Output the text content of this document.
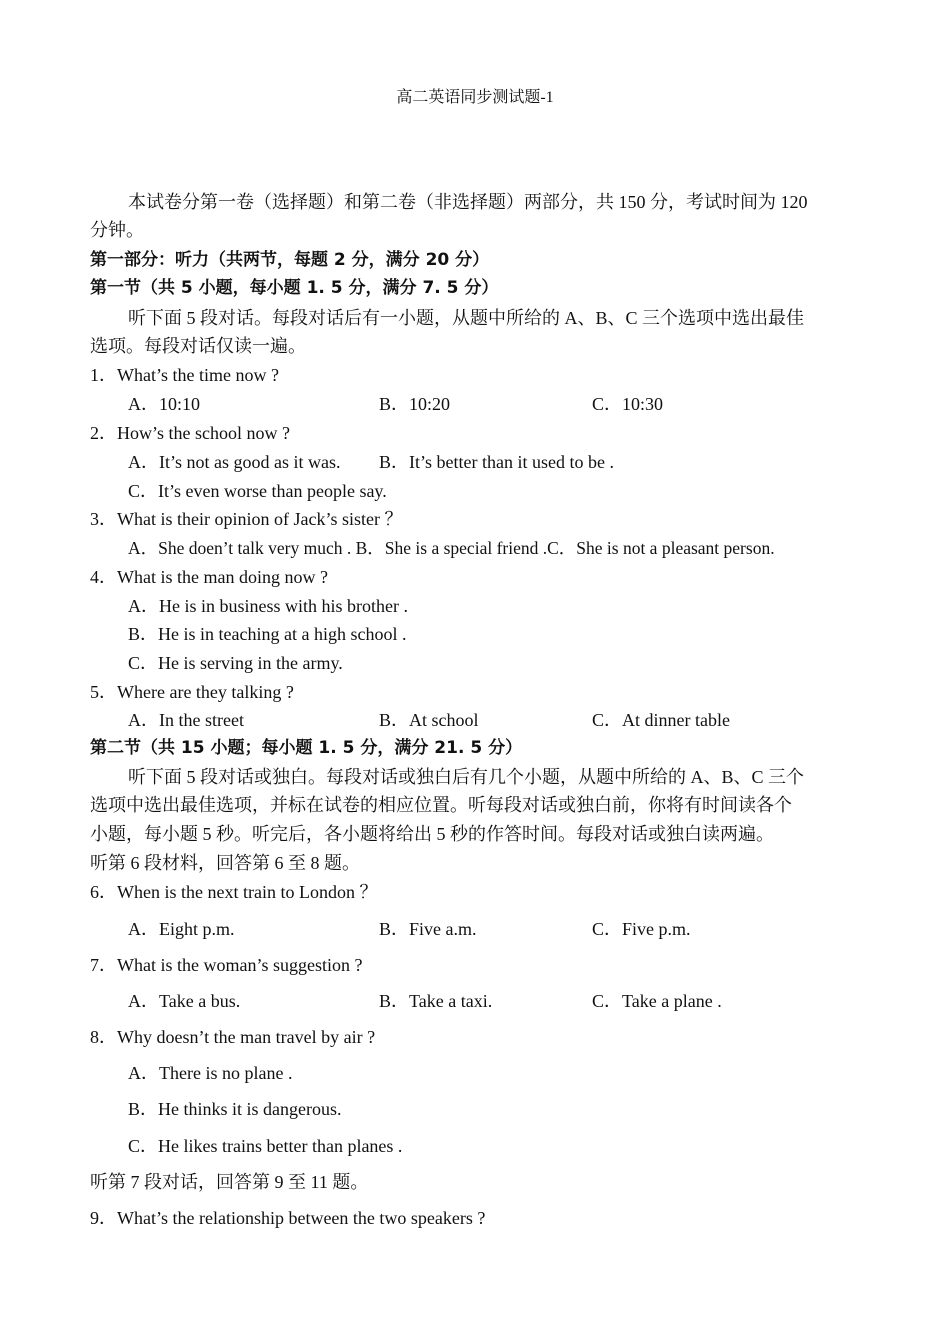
高二英语同步测试题-1
本试卷分第一卷（选择题）和第二卷（非选择题）两部分，共 150 分，考试时间为 120
分钟。
第一部分：听力（共两节，每题 2 分，满分 20 分）
第一节（共 5 小题，每小题 1. 5 分，满分 7. 5 分）
听下面 5 段对话。每段对话后有一小题，从题中所给的 A、B、C 三个选项中选出最佳
选项。每段对话仅读一遍。
1．What’s the time now ?
A．10:10	B．10:20	C．10:30
2．How’s the school now ?
A．It’s not as good as it was. B．It’s better than it used to be .
C．It’s even worse than people say.
3．What is their opinion of Jack’s sister ？
A．She doen’t talk very much . B．She is a special friend .C．She is not a pleasant person.
4．What is the man doing now ?
A．He is in business with his brother .
B．He is in teaching at a high school .
C．He is serving in the army.
5．Where are they talking ?
A．In the street	B．At school	C．At dinner table
第二节（共 15 小题；每小题 1. 5 分，满分 21. 5 分）
听下面 5 段对话或独白。每段对话或独白后有几个小题，从题中所给的 A、B、C 三个
选项中选出最佳选项，并标在试卷的相应位置。听每段对话或独白前，你将有时间读各个
小题，每小题 5 秒。听完后，各小题将给出 5 秒的作答时间。每段对话或独白读两遍。
听第 6 段材料，回答第 6 至 8 题。
6．When is the next train to London ？
A．Eight p.m.	B．Five a.m.	C．Five p.m.
7．What is the woman’s suggestion ?
A．Take a bus.	B．Take a taxi.	C．Take a plane .
8．Why doesn’t the man travel by air ?
A．There is no plane .
B．He thinks it is dangerous.
C．He likes trains better than planes .
听第 7 段对话，回答第 9 至 11 题。
9．What’s the relationship between the two speakers ?
